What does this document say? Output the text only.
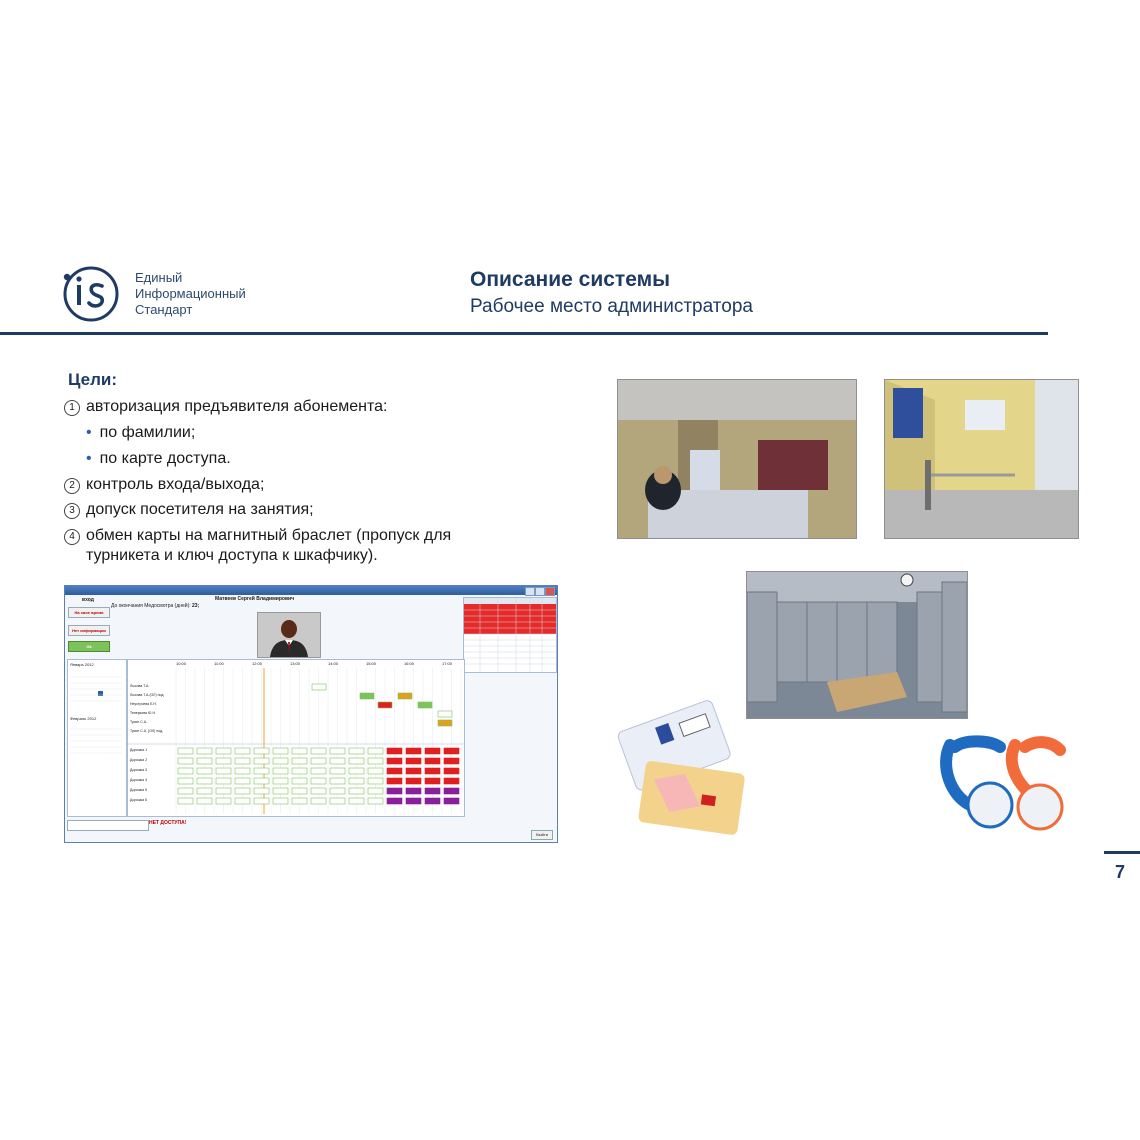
Единый
Информационный
Стандарт
Описание системы
Рабочее место администратора
Цели:
1 авторизация предъявителя абонемента:
• по фамилии;
• по карте доступа.
2 контроль входа/выхода;
3 допуск посетителя на занятия;
4 обмен карты на магнитный браслет (пропуск для
турникета и ключ доступа к шкафчику).
вход
На свое время
Нет информации
Ok
Матвеев Сергей Владимирович
До окончания Медосмотра (дней): 23;
Январь 2012
Февраль 2012
10:00	11:00	12:00	13:00	14:00	15:00	16:00	17:00
Лысова Т.А.
Лысова Т.А.(ОЛ) под.
Неустроева Е.Н.
Теперкова Ю.Н.
Тусин С.А.
Тусин С.А. (ОЛ) под.
Дорожка 1
Дорожка 2
Дорожка 3
Дорожка 4
Дорожка 5
Дорожка 6
НЕТ ДОСТУПА!
Выйти
7
